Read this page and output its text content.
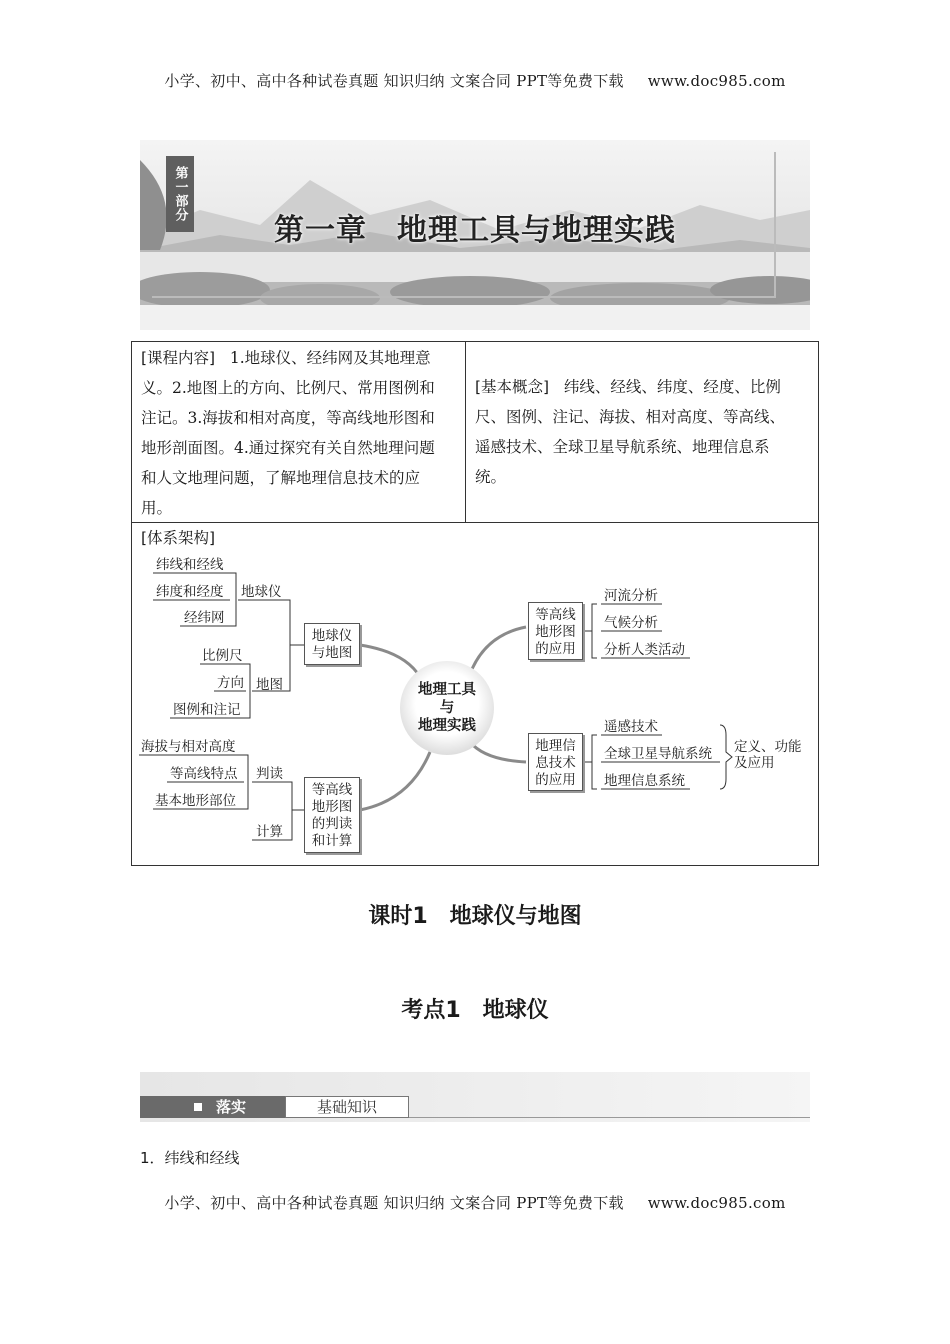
小学、初中、高中各种试卷真题 知识归纳 文案合同 PPT等免费下载 www.doc985.com
第一部分
第一章 地理工具与地理实践
[课程内容] 1.地球仪、经纬网及其地理意
义。2.地图上的方向、比例尺、常用图例和
注记。3.海拔和相对高度，等高线地形图和
地形剖面图。4.通过探究有关自然地理问题
和人文地理问题，了解地理信息技术的应
用。
[基本概念] 纬线、经线、纬度、经度、比例
尺、图例、注记、海拔、相对高度、等高线、
遥感技术、全球卫星导航系统、地理信息系
统。
[体系架构]
纬线和经线
纬度和经度
经纬网
地球仪
比例尺
方向
图例和注记
地图
地球仪
与地图
海拔与相对高度
等高线特点
基本地形部位
判读
计算
等高线
地形图
的判读
和计算
地理工具
与
地理实践
等高线
地形图
的应用
河流分析
气候分析
分析人类活动
地理信
息技术
的应用
遥感技术
全球卫星导航系统
地理信息系统
定义、功能
及应用
课时1 地球仪与地图
考点1 地球仪
落实	基础知识
1．纬线和经线
小学、初中、高中各种试卷真题 知识归纳 文案合同 PPT等免费下载 www.doc985.com
